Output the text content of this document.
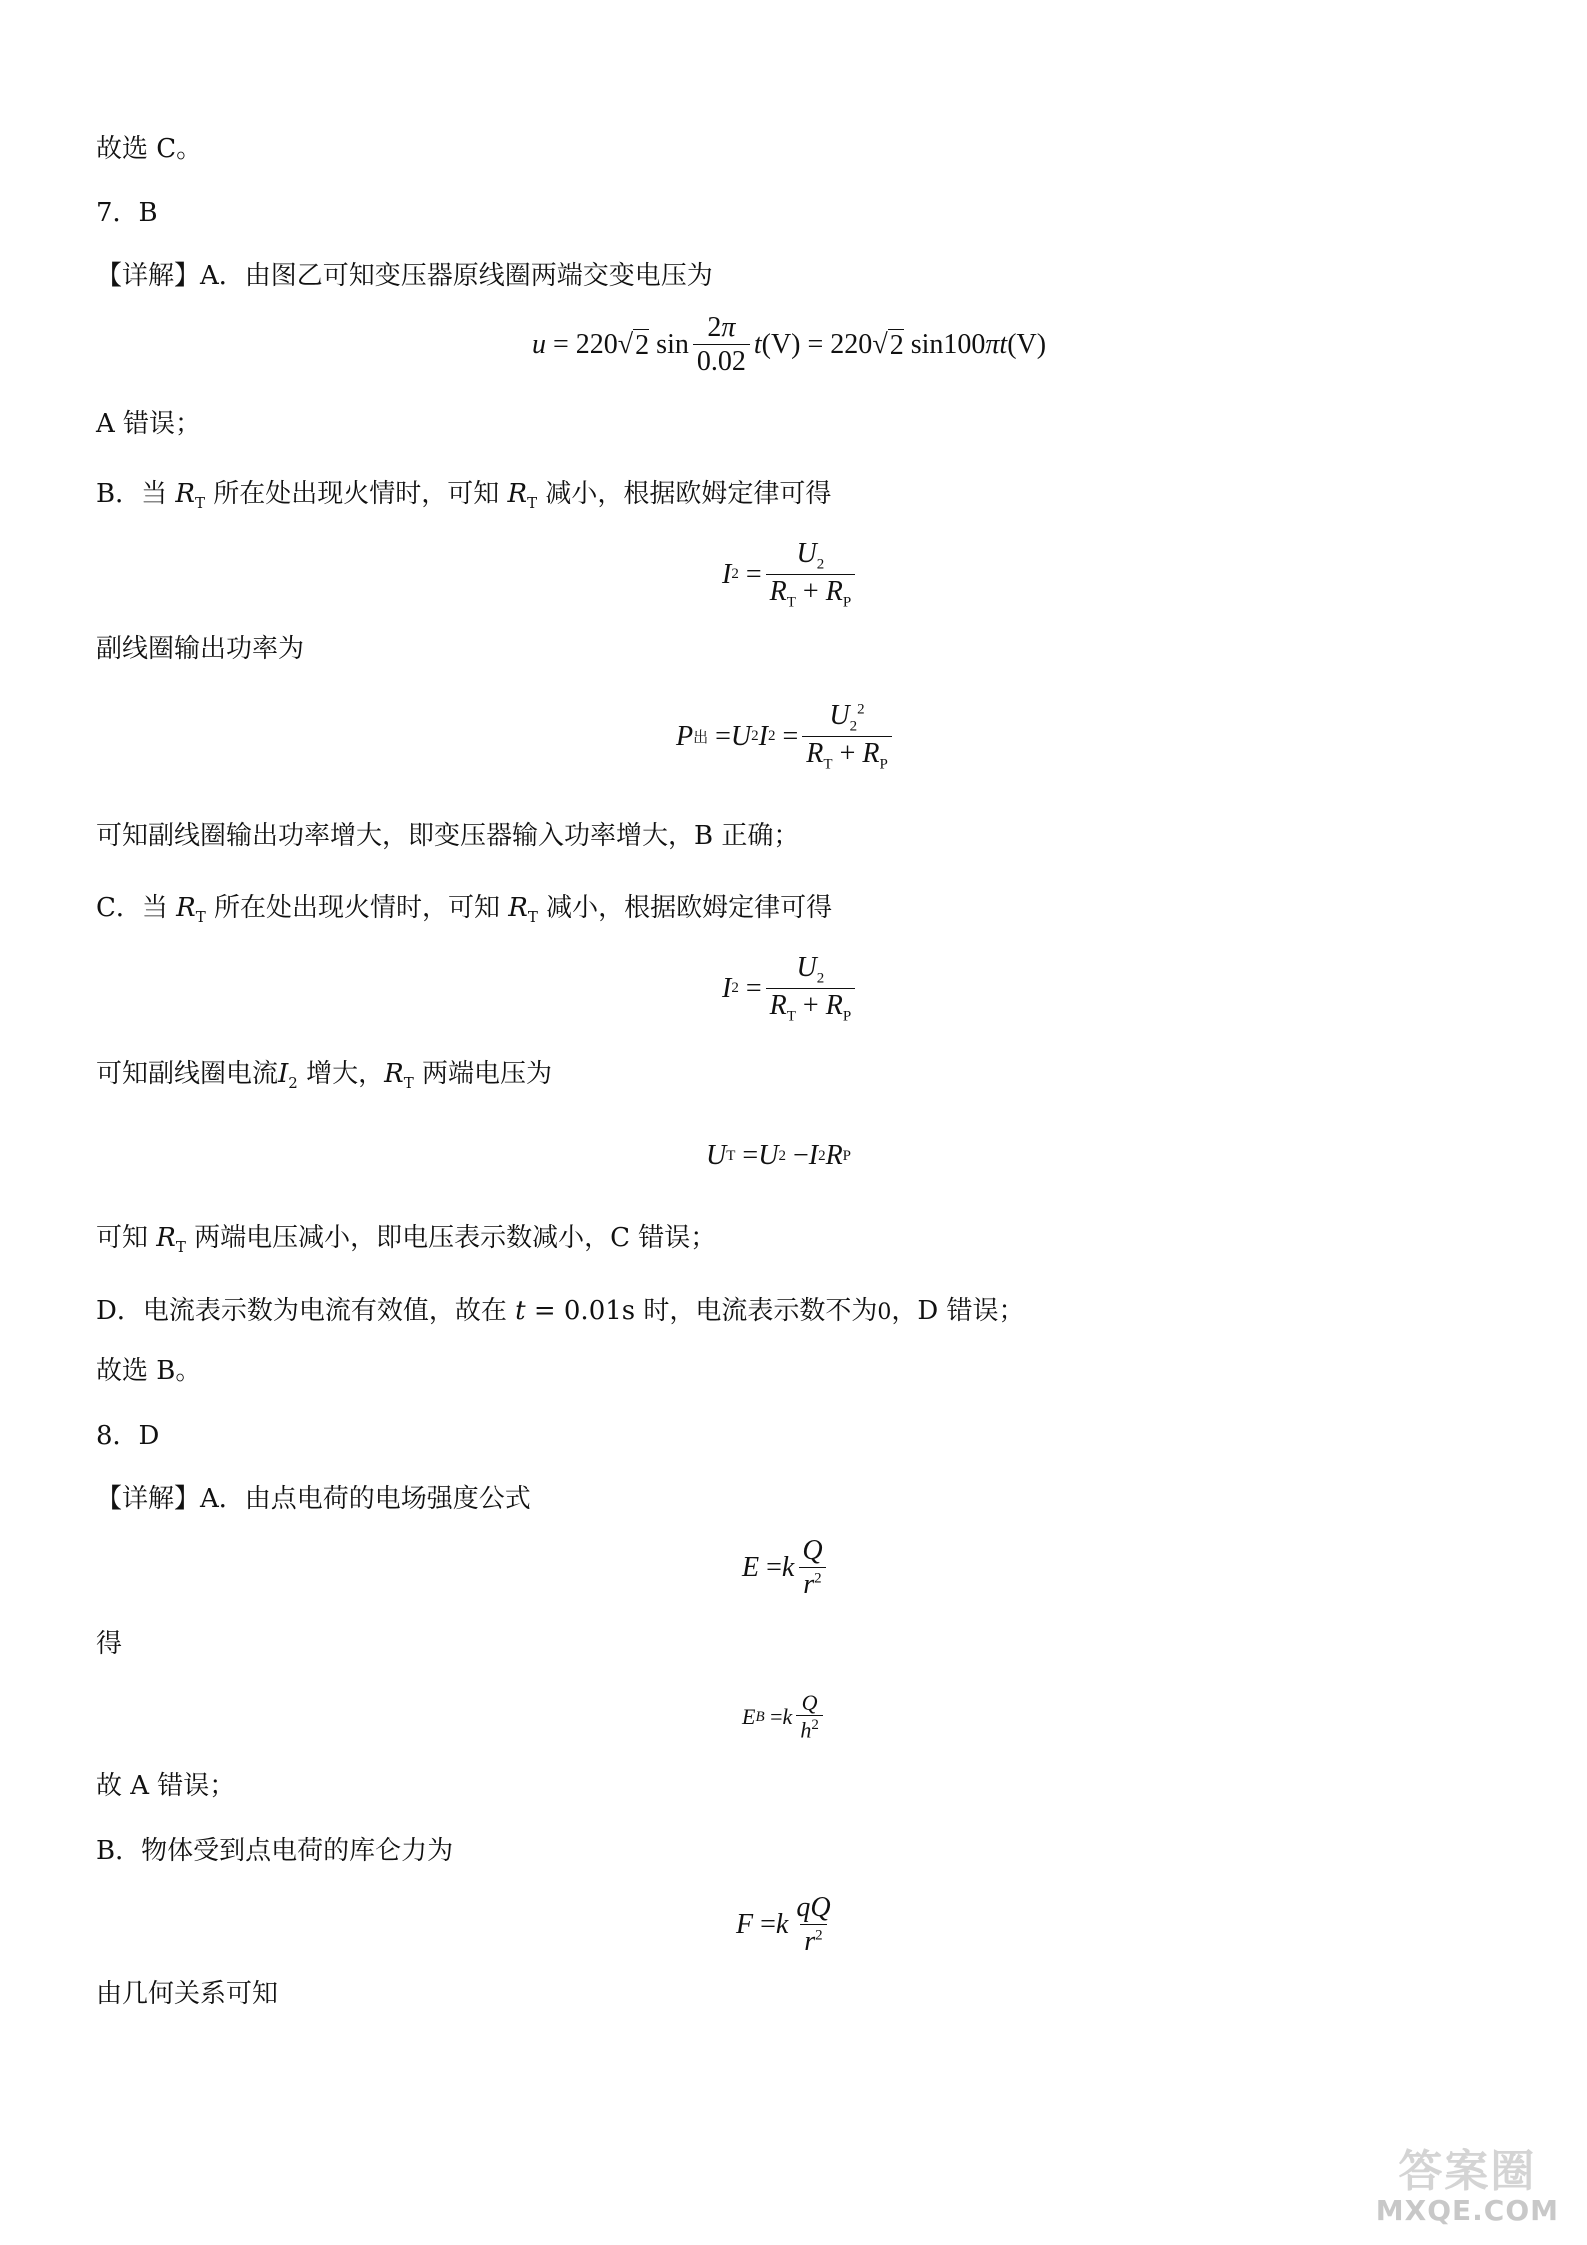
故选 C。
7．B
【详解】A．由图乙可知变压器原线圈两端交变电压为
u = 220 √ 2 $\sin \frac{2\pi}{0.02}$ t (V) = 220 √ 2 sin100 πt (V)
A 错误；
B．当 $R_T$ 所在处出现火情时，可知 $R_T$ 减小，根据欧姆定律可得
I $2 = \frac{U_2}{R_T + R_P}$
副线圈输出功率为
P 出 = U 2 I $2 = \frac{U_2^2}{R_T + R_P}$
可知副线圈输出功率增大，即变压器输入功率增大，B 正确；
C．当 $R_T$ 所在处出现火情时，可知 $R_T$ 减小，根据欧姆定律可得
I $2 = \frac{U_2}{R_T + R_P}$
可知副线圈电流$I_2$ 增大，$R_T$ 两端电压为
U T = U 2 − I 2 R P
可知 $R_T$ 两端电压减小，即电压表示数减小，C 错误；
D．电流表示数为电流有效值，故在 t = 0.01s 时，电流表示数不为0，D 错误；
故选 B。
8．D
【详解】A．由点电荷的电场强度公式
E = k $\frac{Q}{r^2}$
得
E B = k $\frac{Q}{h^2}$
故 A 错误；
B．物体受到点电荷的库仑力为
F = k $\frac{qQ}{r^2}$
由几何关系可知
答案圈
MXQE.COM
